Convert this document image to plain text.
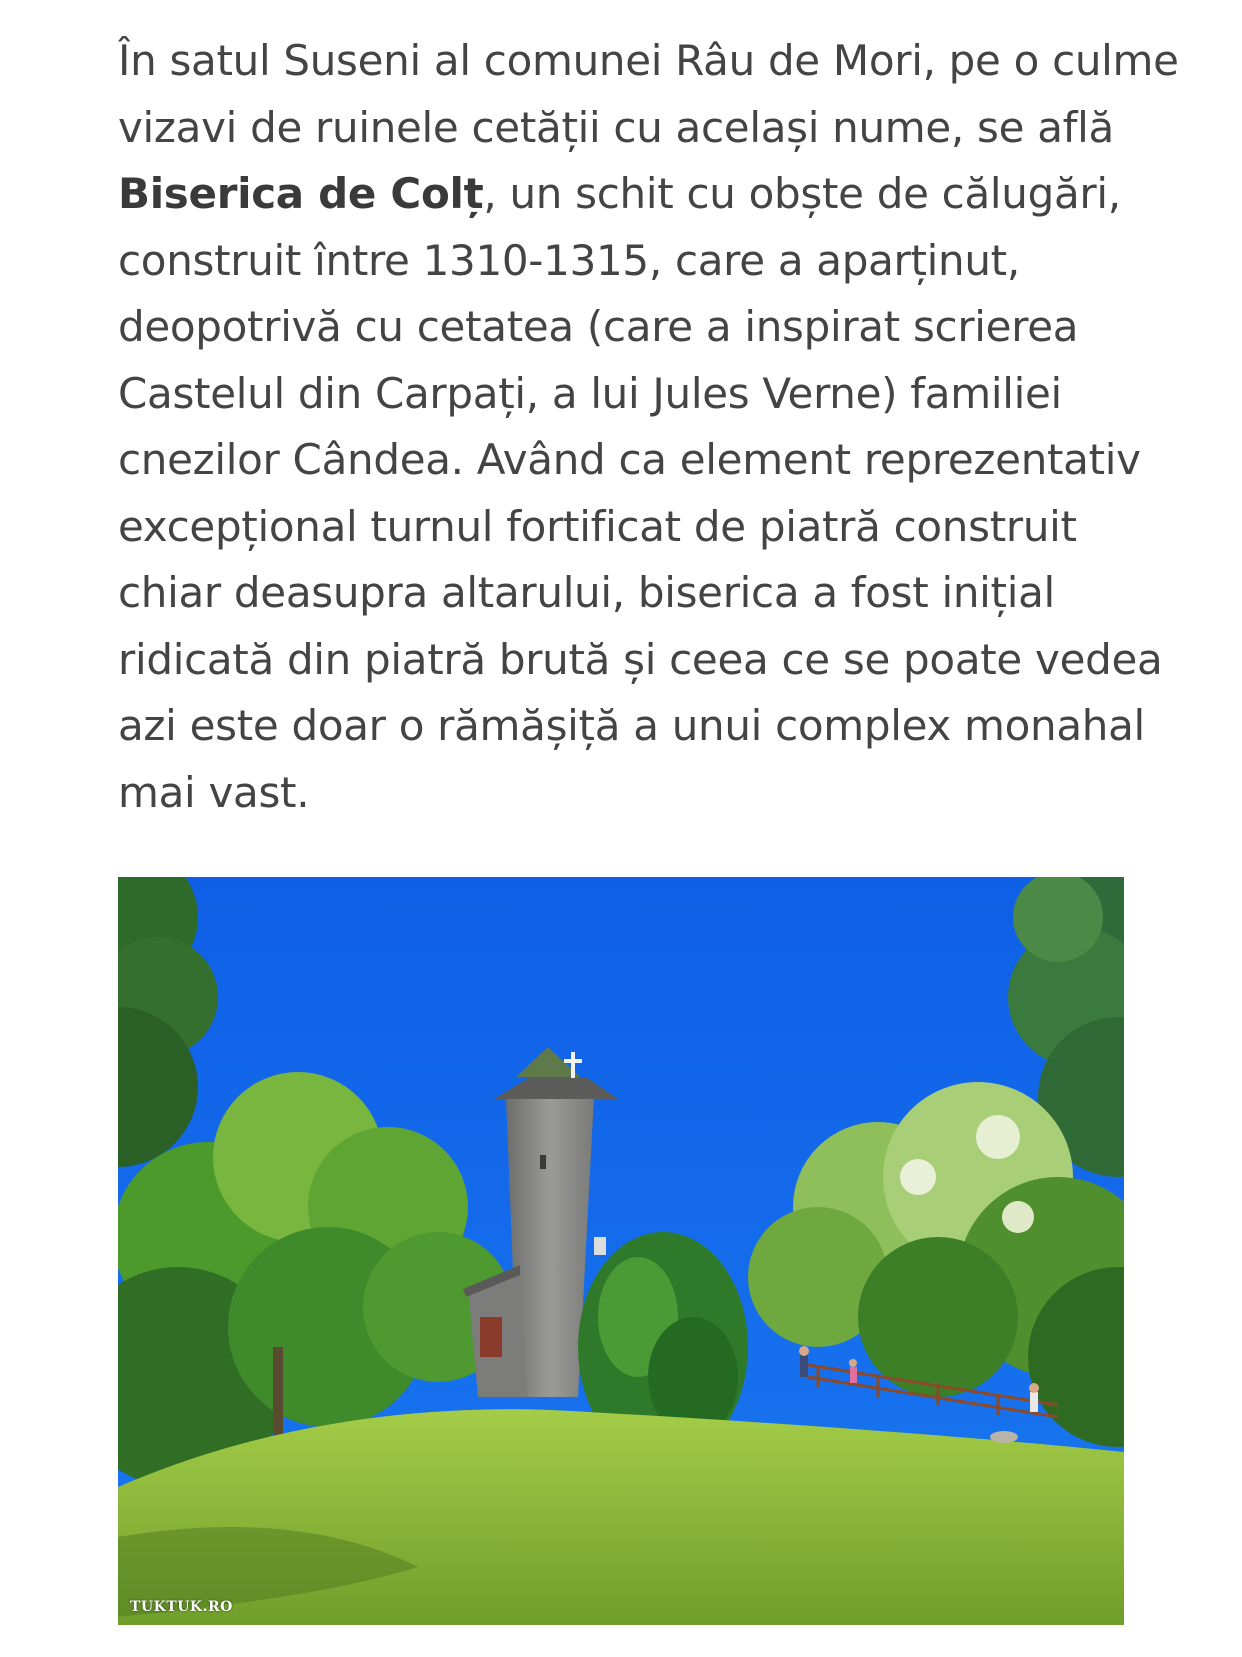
În satul Suseni al comunei Râu de Mori, pe o culme
vizavi de ruinele cetății cu același nume, se află
Biserica de Colț, un schit cu obște de călugări,
construit între 1310-1315, care a aparținut,
deopotrivă cu cetatea (care a inspirat scrierea
Castelul din Carpați, a lui Jules Verne) familiei
cnezilor Cândea. Având ca element reprezentativ
excepțional turnul fortificat de piatră construit
chiar deasupra altarului, biserica a fost inițial
ridicată din piatră brută și ceea ce se poate vedea
azi este doar o rămășiță a unui complex monahal
mai vast.

TUKTUK.RO
